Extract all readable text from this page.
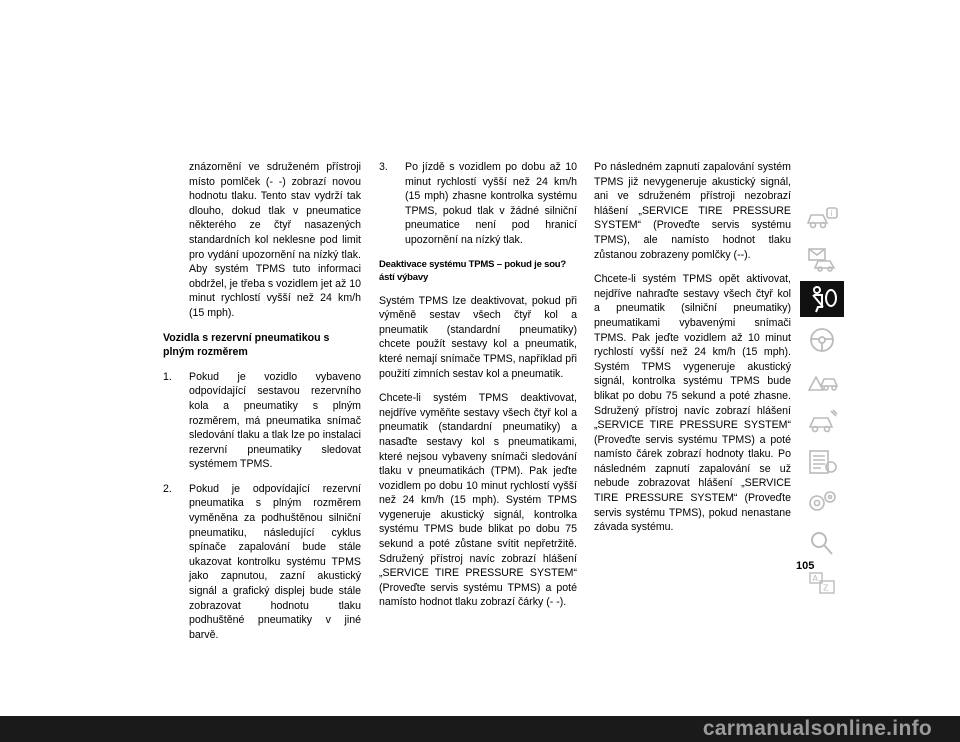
znázornění ve sdruženém přístroji místo pomlček (- -) zobrazí novou hodnotu tlaku. Tento stav vydrží tak dlouho, dokud tlak v pneumatice některého ze čtyř nasazených standardních kol neklesne pod limit pro vydání upozornění na nízký tlak. Aby systém TPMS tuto informaci obdržel, je třeba s vozidlem jet až 10 minut rychlostí vyšší než 24 km/h (15 mph).

Vozidla s rezervní pneumatikou s plným rozměrem

1.	Pokud je vozidlo vybaveno odpovídající sestavou rezervního kola a pneumatiky s plným rozměrem, má pneumatika snímač sledování tlaku a tlak lze po instalaci rezervní pneumatiky sledovat systémem TPMS.
2.	Pokud je odpovídající rezervní pneumatika s plným rozměrem vyměněna za podhuštěnou silniční pneumatiku, následující cyklus spínače zapalování bude stále ukazovat kontrolku systému TPMS jako zapnutou, zazní akustický signál a grafický displej bude stále zobrazovat hodnotu tlaku podhuštěné pneumatiky v jiné barvě.
3.	Po jízdě s vozidlem po dobu až 10 minut rychlostí vyšší než 24 km/h (15 mph) zhasne kontrolka systému TPMS, pokud tlak v žádné silniční pneumatice není pod hranicí upozornění na nízký tlak.

Deaktivace systému TPMS – pokud je sou?ástí výbavy

Systém TPMS lze deaktivovat, pokud při výměně sestav všech čtyř kol a pneumatik (standardní pneumatiky) chcete použít sestavy kol a pneumatik, které nemají snímače TPMS, například při použití zimních sestav kol a pneumatik.

Chcete-li systém TPMS deaktivovat, nejdříve vyměňte sestavy všech čtyř kol a pneumatik (standardní pneumatiky) a nasaďte sestavy kol s pneumatikami, které nejsou vybaveny snímači sledování tlaku v pneumatikách (TPM). Pak jeďte vozidlem po dobu 10 minut rychlostí vyšší než 24 km/h (15 mph). Systém TPMS vygeneruje akustický signál, kontrolka systému TPMS bude blikat po dobu 75 sekund a poté zůstane svítit nepřetržitě. Sdružený přístroj navíc zobrazí hlášení „SERVICE TIRE PRESSURE SYSTEM“ (Proveďte servis systému TPMS) a poté namísto hodnot tlaku zobrazí čárky (- -).

Po následném zapnutí zapalování systém TPMS již nevygeneruje akustický signál, ani ve sdruženém přístroji nezobrazí hlášení „SERVICE TIRE PRESSURE SYSTEM“ (Proveďte servis systému TPMS), ale namísto hodnot tlaku zůstanou zobrazeny pomlčky (--).

Chcete-li systém TPMS opět aktivovat, nejdříve nahraďte sestavy všech čtyř kol a pneumatik (silniční pneumatiky) pneumatikami vybavenými snímači TPMS. Pak jeďte vozidlem až 10 minut rychlostí vyšší než 24 km/h (15 mph). Systém TPMS vygeneruje akustický signál, kontrolka systému TPMS bude blikat po dobu 75 sekund a poté zhasne. Sdružený přístroj navíc zobrazí hlášení „SERVICE TIRE PRESSURE SYSTEM“ (Proveďte servis systému TPMS) a poté namísto čárek zobrazí hodnoty tlaku. Po následném zapnutí zapalování se už nebude zobrazovat hlášení „SERVICE TIRE PRESSURE SYSTEM“ (Proveďte servis systému TPMS), pokud nenastane závada systému.

i
A
Z
105
carmanualsonline.info
